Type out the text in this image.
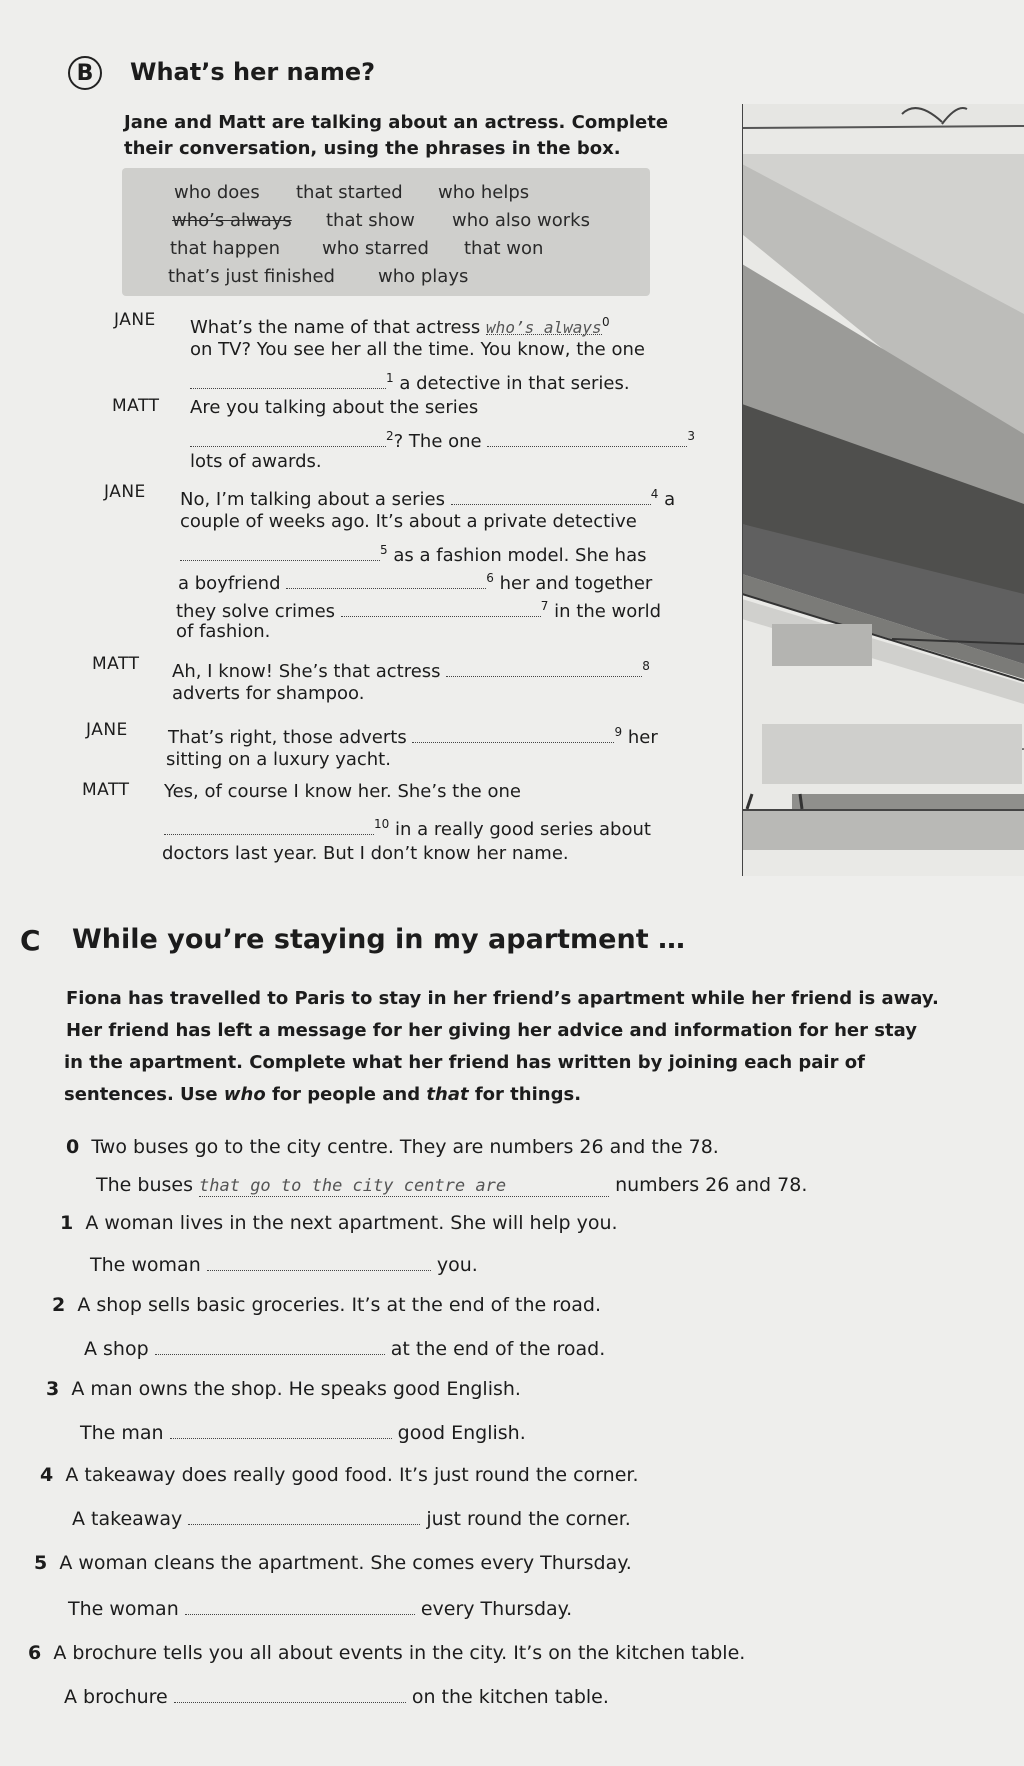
B What’s her name?
Jane and Matt are talking about an actress. Complete
their conversation, using the phrases in the box.
who does that started who helps
who’s always that show who also works
that happen who starred that won
that’s just finished who plays
JANE What’s the name of that actress who’s always$^0$
on TV? You see her all the time. You know, the one
$^1$ a detective in that series.
MATT Are you talking about the series
$^2$? The one	$^3$
lots of awards.
JANE No, I’m talking about a series	$^4$ a
couple of weeks ago. It’s about a private detective
$^5$ as a fashion model. She has
a boyfriend	$^6$ her and together
they solve crimes	$^7$ in the world
of fashion.
MATT Ah, I know! She’s that actress	$^8$
adverts for shampoo.
JANE That’s right, those adverts	$^9$ her
sitting on a luxury yacht.
MATT Yes, of course I know her. She’s the one
$^{10}$ in a really good series about
doctors last year. But I don’t know her name.
C While you’re staying in my apartment …
Fiona has travelled to Paris to stay in her friend’s apartment while her friend is away.
Her friend has left a message for her giving her advice and information for her stay
in the apartment. Complete what her friend has written by joining each pair of
sentences. Use who for people and that for things.
0 Two buses go to the city centre. They are numbers 26 and the 78.
The buses that go to the city centre are	numbers 26 and 78.
1 A woman lives in the next apartment. She will help you.
The woman	you.
2 A shop sells basic groceries. It’s at the end of the road.
A shop	at the end of the road.
3 A man owns the shop. He speaks good English.
The man	good English.
4 A takeaway does really good food. It’s just round the corner.
A takeaway	just round the corner.
5 A woman cleans the apartment. She comes every Thursday.
The woman	every Thursday.
6 A brochure tells you all about events in the city. It’s on the kitchen table.
A brochure	on the kitchen table.
